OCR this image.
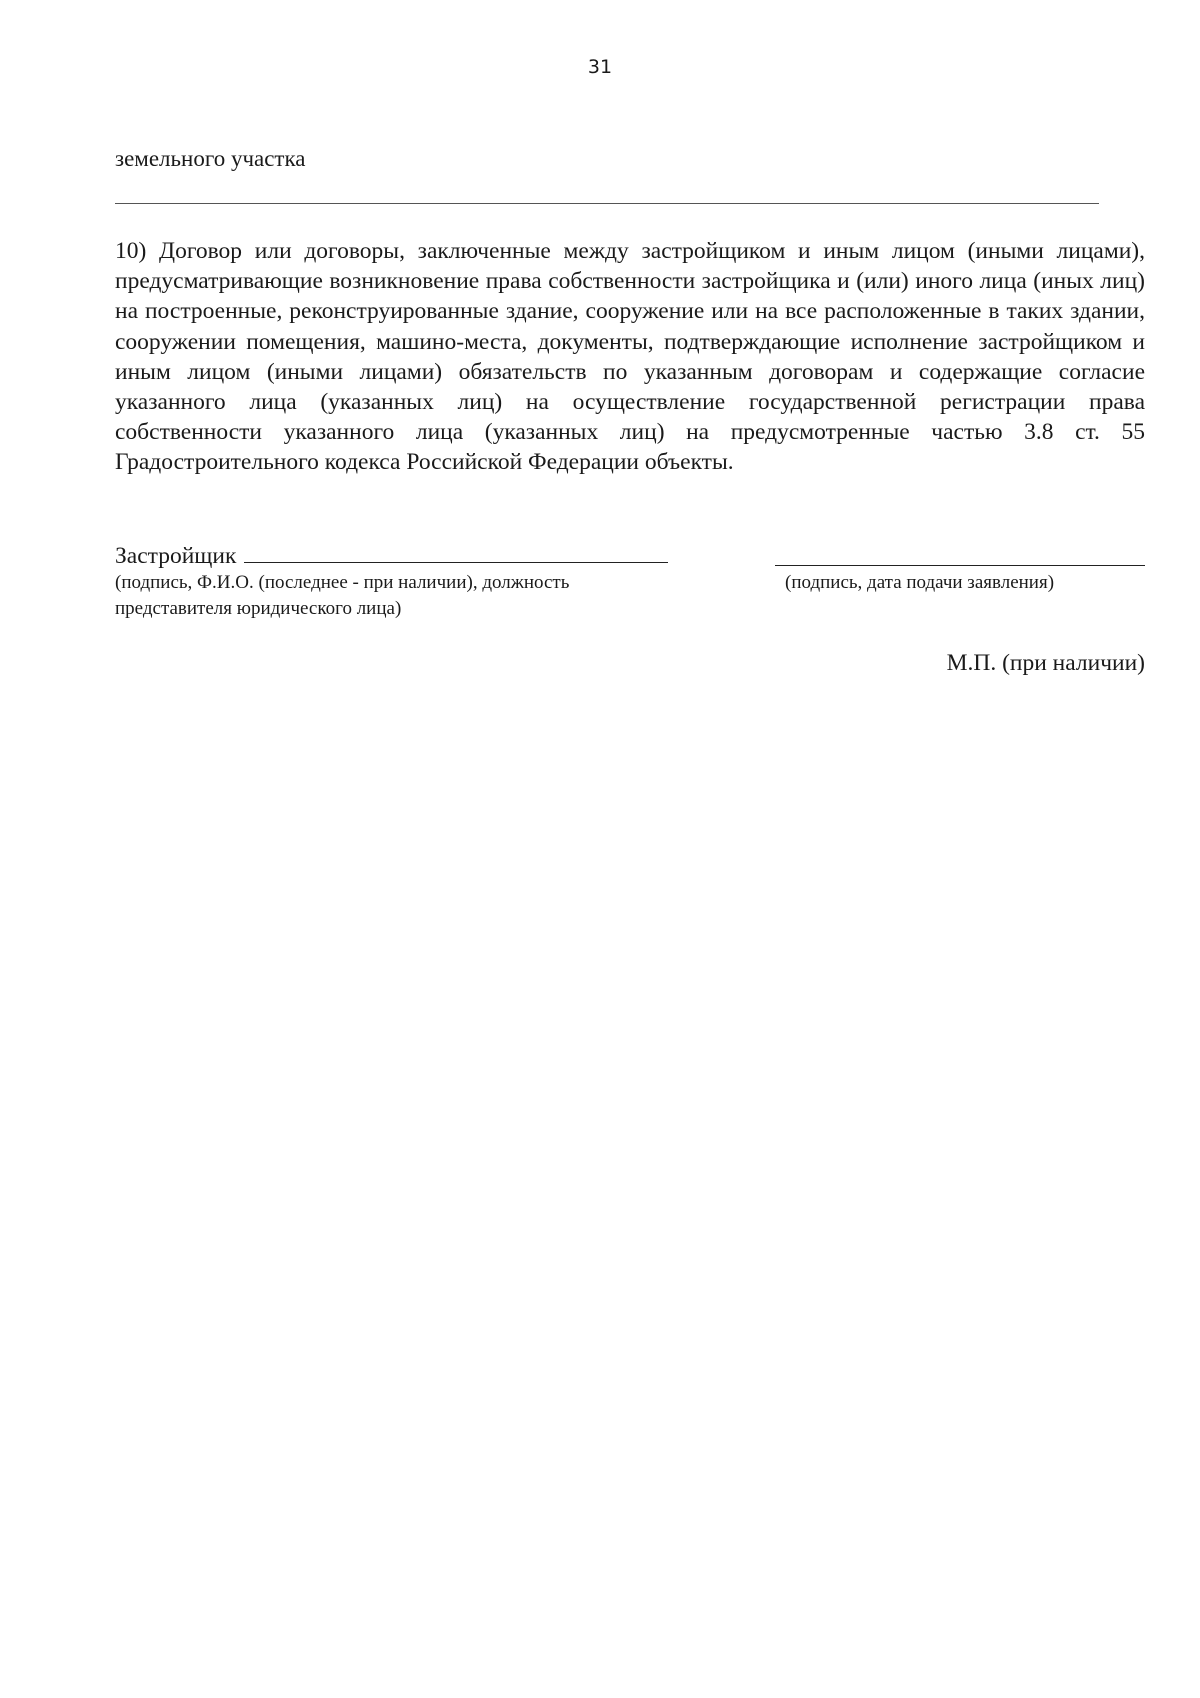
31
земельного участка

10) Договор или договоры, заключенные между застройщиком и иным лицом (иными лицами), предусматривающие возникновение права собственности застройщика и (или) иного лица (иных лиц) на построенные, реконструированные здание, сооружение или на все расположенные в таких здании, сооружении помещения, машино-места, документы, подтверждающие исполнение застройщиком и иным лицом (иными лицами) обязательств по указанным договорам и содержащие согласие указанного лица (указанных лиц) на осуществление государственной регистрации права собственности указанного лица (указанных лиц) на предусмотренные частью 3.8 ст. 55 Градостроительного кодекса Российской Федерации объекты.

Застройщик
(подпись, Ф.И.О. (последнее - при наличии), должность
представителя юридического лица)
(подпись, дата подачи заявления)
М.П. (при наличии)
